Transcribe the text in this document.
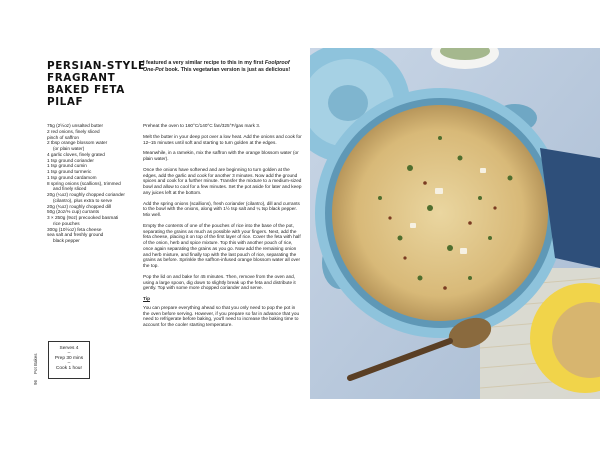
PERSIAN-STYLE
FRAGRANT
BAKED FETA
PILAF
I featured a very similar recipe to this in my first Foolproof One-Pot book. This vegetarian version is just as delicious!
75g (2½oz) unsalted butter
2 red onions, finely sliced
pinch of saffron
2 tbsp orange blossom water
(or plain water)
4 garlic cloves, finely grated
1 tsp ground coriander
1 tsp ground cumin
1 tsp ground turmeric
1 tsp ground cardamom
8 spring onions (scallions), trimmed
and finely sliced
20g (¼oz) roughly chopped coriander
(cilantro), plus extra to serve
20g (¾oz) roughly chopped dill
50g (2oz/⅓ cup) currants
3 × 250g (9oz) precooked basmati
rice pouches
300g (10½oz) feta cheese
sea salt and freshly ground
black pepper

Preheat the oven to 160°C/140°C fan/325°F/gas mark 3.

Melt the butter in your deep pot over a low heat. Add the onions and cook for 12–15 minutes until soft and starting to turn golden at the edges.

Meanwhile, in a ramekin, mix the saffron with the orange blossom water (or plain water).

Once the onions have softened and are beginning to turn golden at the edges, add the garlic and cook for another 3 minutes. Now add the ground spices and cook for a further minute. Transfer the mixture to a medium-sized bowl and allow to cool for a few minutes. Set the pot aside for later and keep any juices left at the bottom.

Add the spring onions (scallions), fresh coriander (cilantro), dill and currants to the bowl with the onions, along with 1½ tsp salt and ¼ tsp black pepper. Mix well.

Empty the contents of one of the pouches of rice into the base of the pot, separating the grains as much as possible with your fingers. Next, add the feta cheese, placing it on top of the first layer of rice. Cover the feta with half of the onion, herb and spice mixture. Top this with another pouch of rice, once again separating the grains as you go. Now add the remaining onion and herb mixture, and finally top with the last pouch of rice, separating the grains as before. Sprinkle the saffron-infused orange blossom water all over the top.

Pop the lid on and bake for 45 minutes. Then, remove from the oven and, using a large spoon, dig down to slightly break up the feta and distribute it gently. Top with some more chopped coriander and serve.

Tip

You can prepare everything ahead so that you only need to pop the pot in the oven before serving. However, if you prepare so far in advance that you need to refrigerate before baking, you'll need to increase the baking time to account for the cooler starting temperature.

Serves 4
–
Prep 30 mins
–
Cook 1 hour
96
Pot Bakes
